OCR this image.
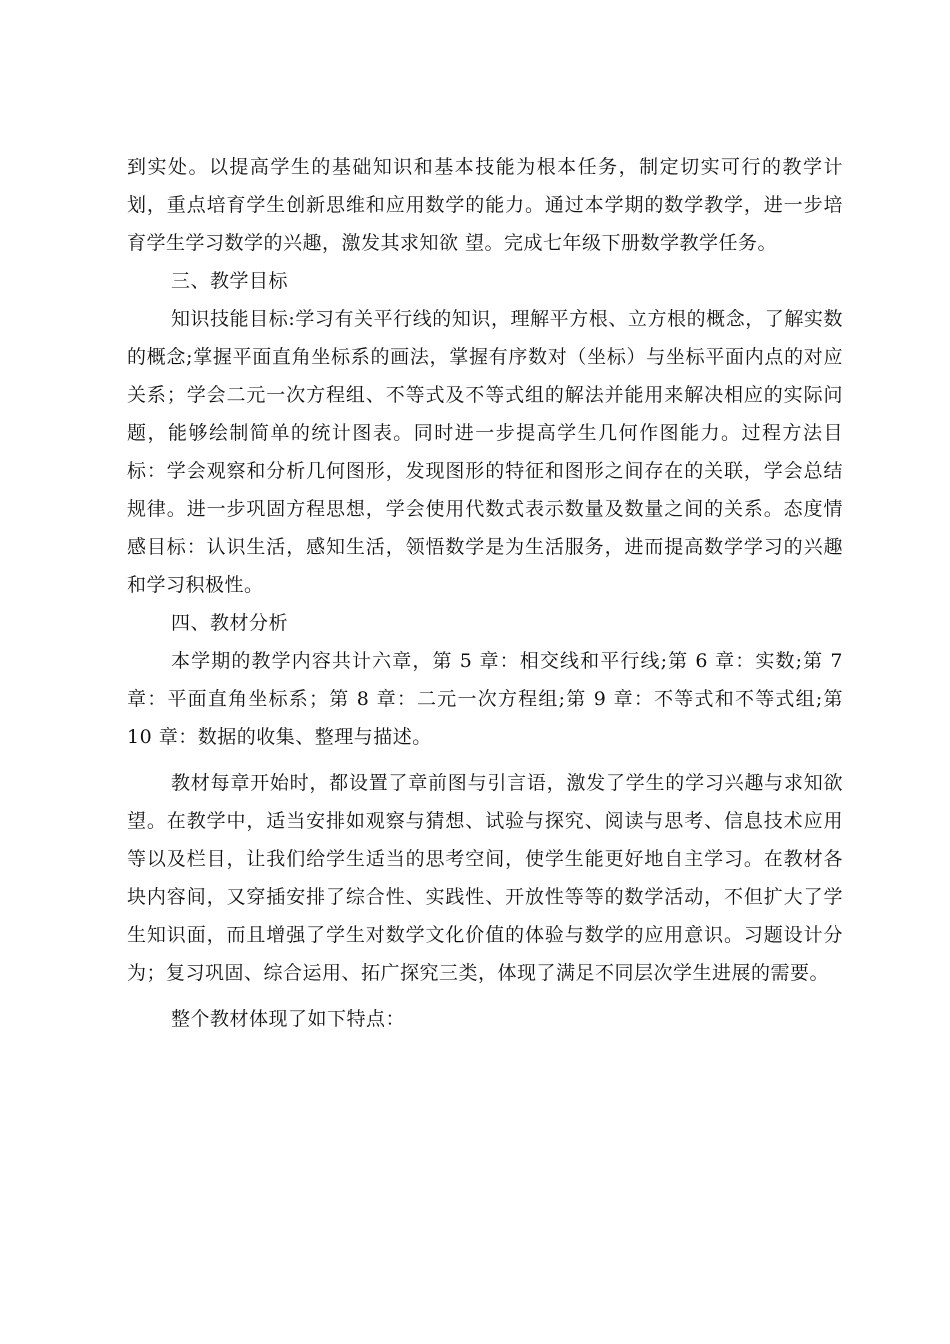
到实处。以提高学生的基础知识和基本技能为根本任务，制定切实可行的教学计划，重点培育学生创新思维和应用数学的能力。通过本学期的数学教学，进一步培育学生学习数学的兴趣，激发其求知欲 望。完成七年级下册数学教学任务。

三、教学目标

知识技能目标:学习有关平行线的知识，理解平方根、立方根的概念，了解实数的概念;掌握平面直角坐标系的画法，掌握有序数对（坐标）与坐标平面内点的对应关系；学会二元一次方程组、不等式及不等式组的解法并能用来解决相应的实际问题，能够绘制简单的统计图表。同时进一步提高学生几何作图能力。过程方法目标：学会观察和分析几何图形，发现图形的特征和图形之间存在的关联，学会总结规律。进一步巩固方程思想，学会使用代数式表示数量及数量之间的关系。态度情感目标：认识生活，感知生活，领悟数学是为生活服务，进而提高数学学习的兴趣和学习积极性。

四、教材分析

本学期的教学内容共计六章，第 5 章：相交线和平行线;第 6 章：实数;第 7 章：平面直角坐标系；第 8 章：二元一次方程组;第 9 章：不等式和不等式组;第 10 章：数据的收集、整理与描述。

教材每章开始时，都设置了章前图与引言语，激发了学生的学习兴趣与求知欲望。在教学中，适当安排如观察与猜想、试验与探究、阅读与思考、信息技术应用等以及栏目，让我们给学生适当的思考空间，使学生能更好地自主学习。在教材各块内容间，又穿插安排了综合性、实践性、开放性等等的数学活动，不但扩大了学生知识面，而且增强了学生对数学文化价值的体验与数学的应用意识。习题设计分为；复习巩固、综合运用、拓广探究三类，体现了满足不同层次学生进展的需要。

整个教材体现了如下特点：
